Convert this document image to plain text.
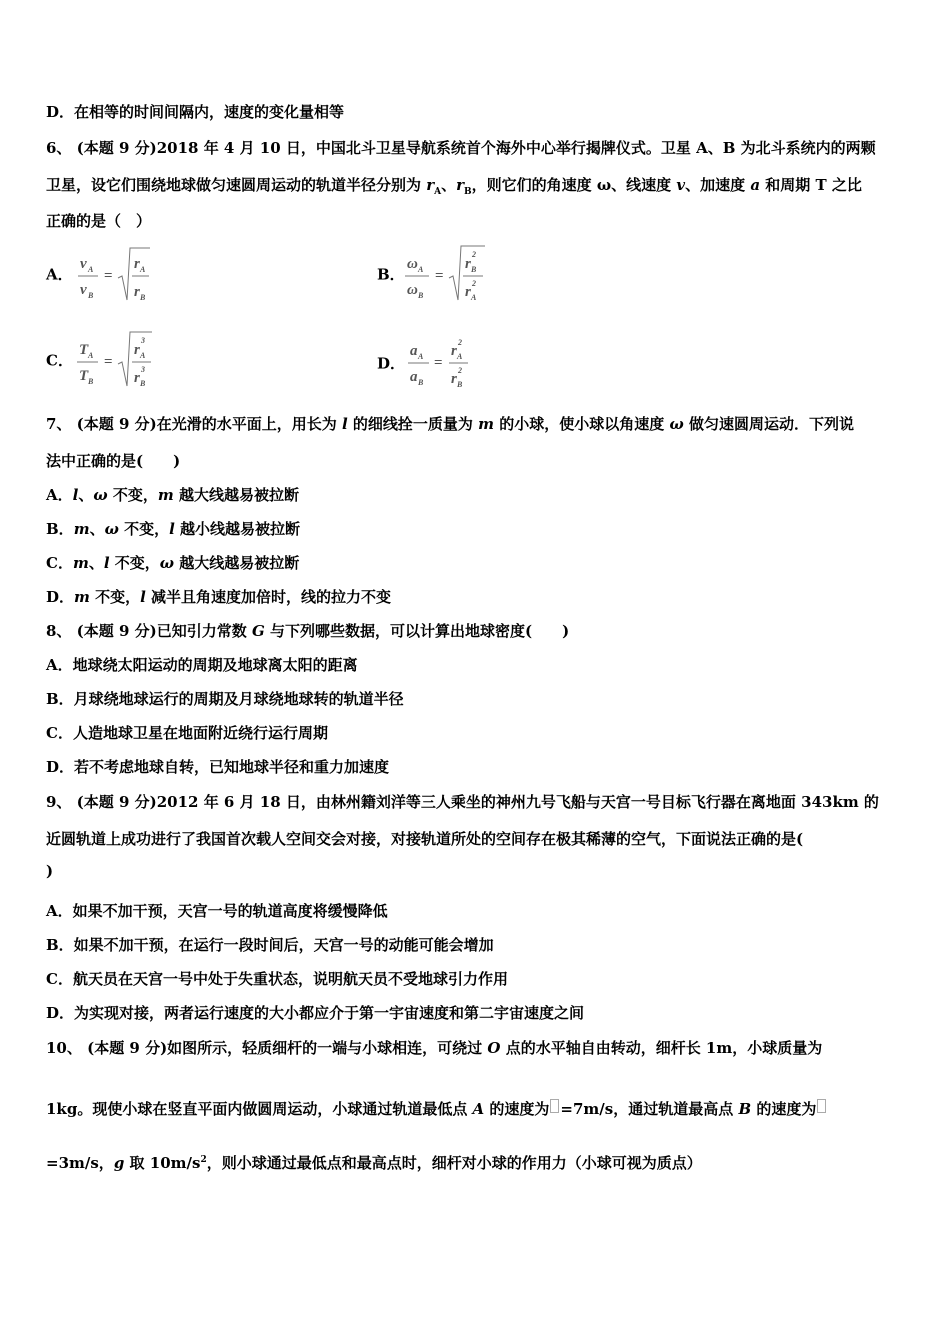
D．在相等的时间间隔内，速度的变化量相等
6、 (本题 9 分)2018 年 4 月 10 日，中国北斗卫星导航系统首个海外中心举行揭牌仪式。卫星 A、B 为北斗系统内的两颗
卫星，设它们围绕地球做匀速圆周运动的轨道半径分别为 $r_A$、$r_B$，则它们的角速度 ω、线速度 v、加速度 a 和周期 T 之比
正确的是（　）
A．
v A
v B
=
r A
r B
B．
ω A
ω B
=
r B
2
r A
2
C．
T A
T B
=
r A
3
r B
3	D．
a A
a B
=
r A
2
r B
2
7、 (本题 9 分)在光滑的水平面上，用长为 l 的细线拴一质量为 m 的小球，使小球以角速度 ω 做匀速圆周运动．下列说
法中正确的是(　　)
A．l、ω 不变，m 越大线越易被拉断
B．m、ω 不变，l 越小线越易被拉断
C．m、l 不变，ω 越大线越易被拉断
D．m 不变，l 减半且角速度加倍时，线的拉力不变
8、 (本题 9 分)已知引力常数 G 与下列哪些数据，可以计算出地球密度(　　)
A．地球绕太阳运动的周期及地球离太阳的距离
B．月球绕地球运行的周期及月球绕地球转的轨道半径
C．人造地球卫星在地面附近绕行运行周期
D．若不考虑地球自转，已知地球半径和重力加速度
9、 (本题 9 分)2012 年 6 月 18 日，由林州籍刘洋等三人乘坐的神州九号飞船与天宫一号目标飞行器在离地面 343km 的
近圆轨道上成功进行了我国首次载人空间交会对接，对接轨道所处的空间存在极其稀薄的空气，下面说法正确的是(
)
A．如果不加干预，天宫一号的轨道高度将缓慢降低
B．如果不加干预，在运行一段时间后，天宫一号的动能可能会增加
C．航天员在天宫一号中处于失重状态，说明航天员不受地球引力作用
D．为实现对接，两者运行速度的大小都应介于第一宇宙速度和第二宇宙速度之间
10、 (本题 9 分)如图所示，轻质细杆的一端与小球相连，可绕过 O 点的水平轴自由转动，细杆长 1m，小球质量为
1kg。现使小球在竖直平面内做圆周运动，小球通过轨道最低点 A 的速度为 =7m/s，通过轨道最高点 B 的速度为
=3m/s，g 取 $10m/s^2$，则小球通过最低点和最高点时，细杆对小球的作用力（小球可视为质点）
